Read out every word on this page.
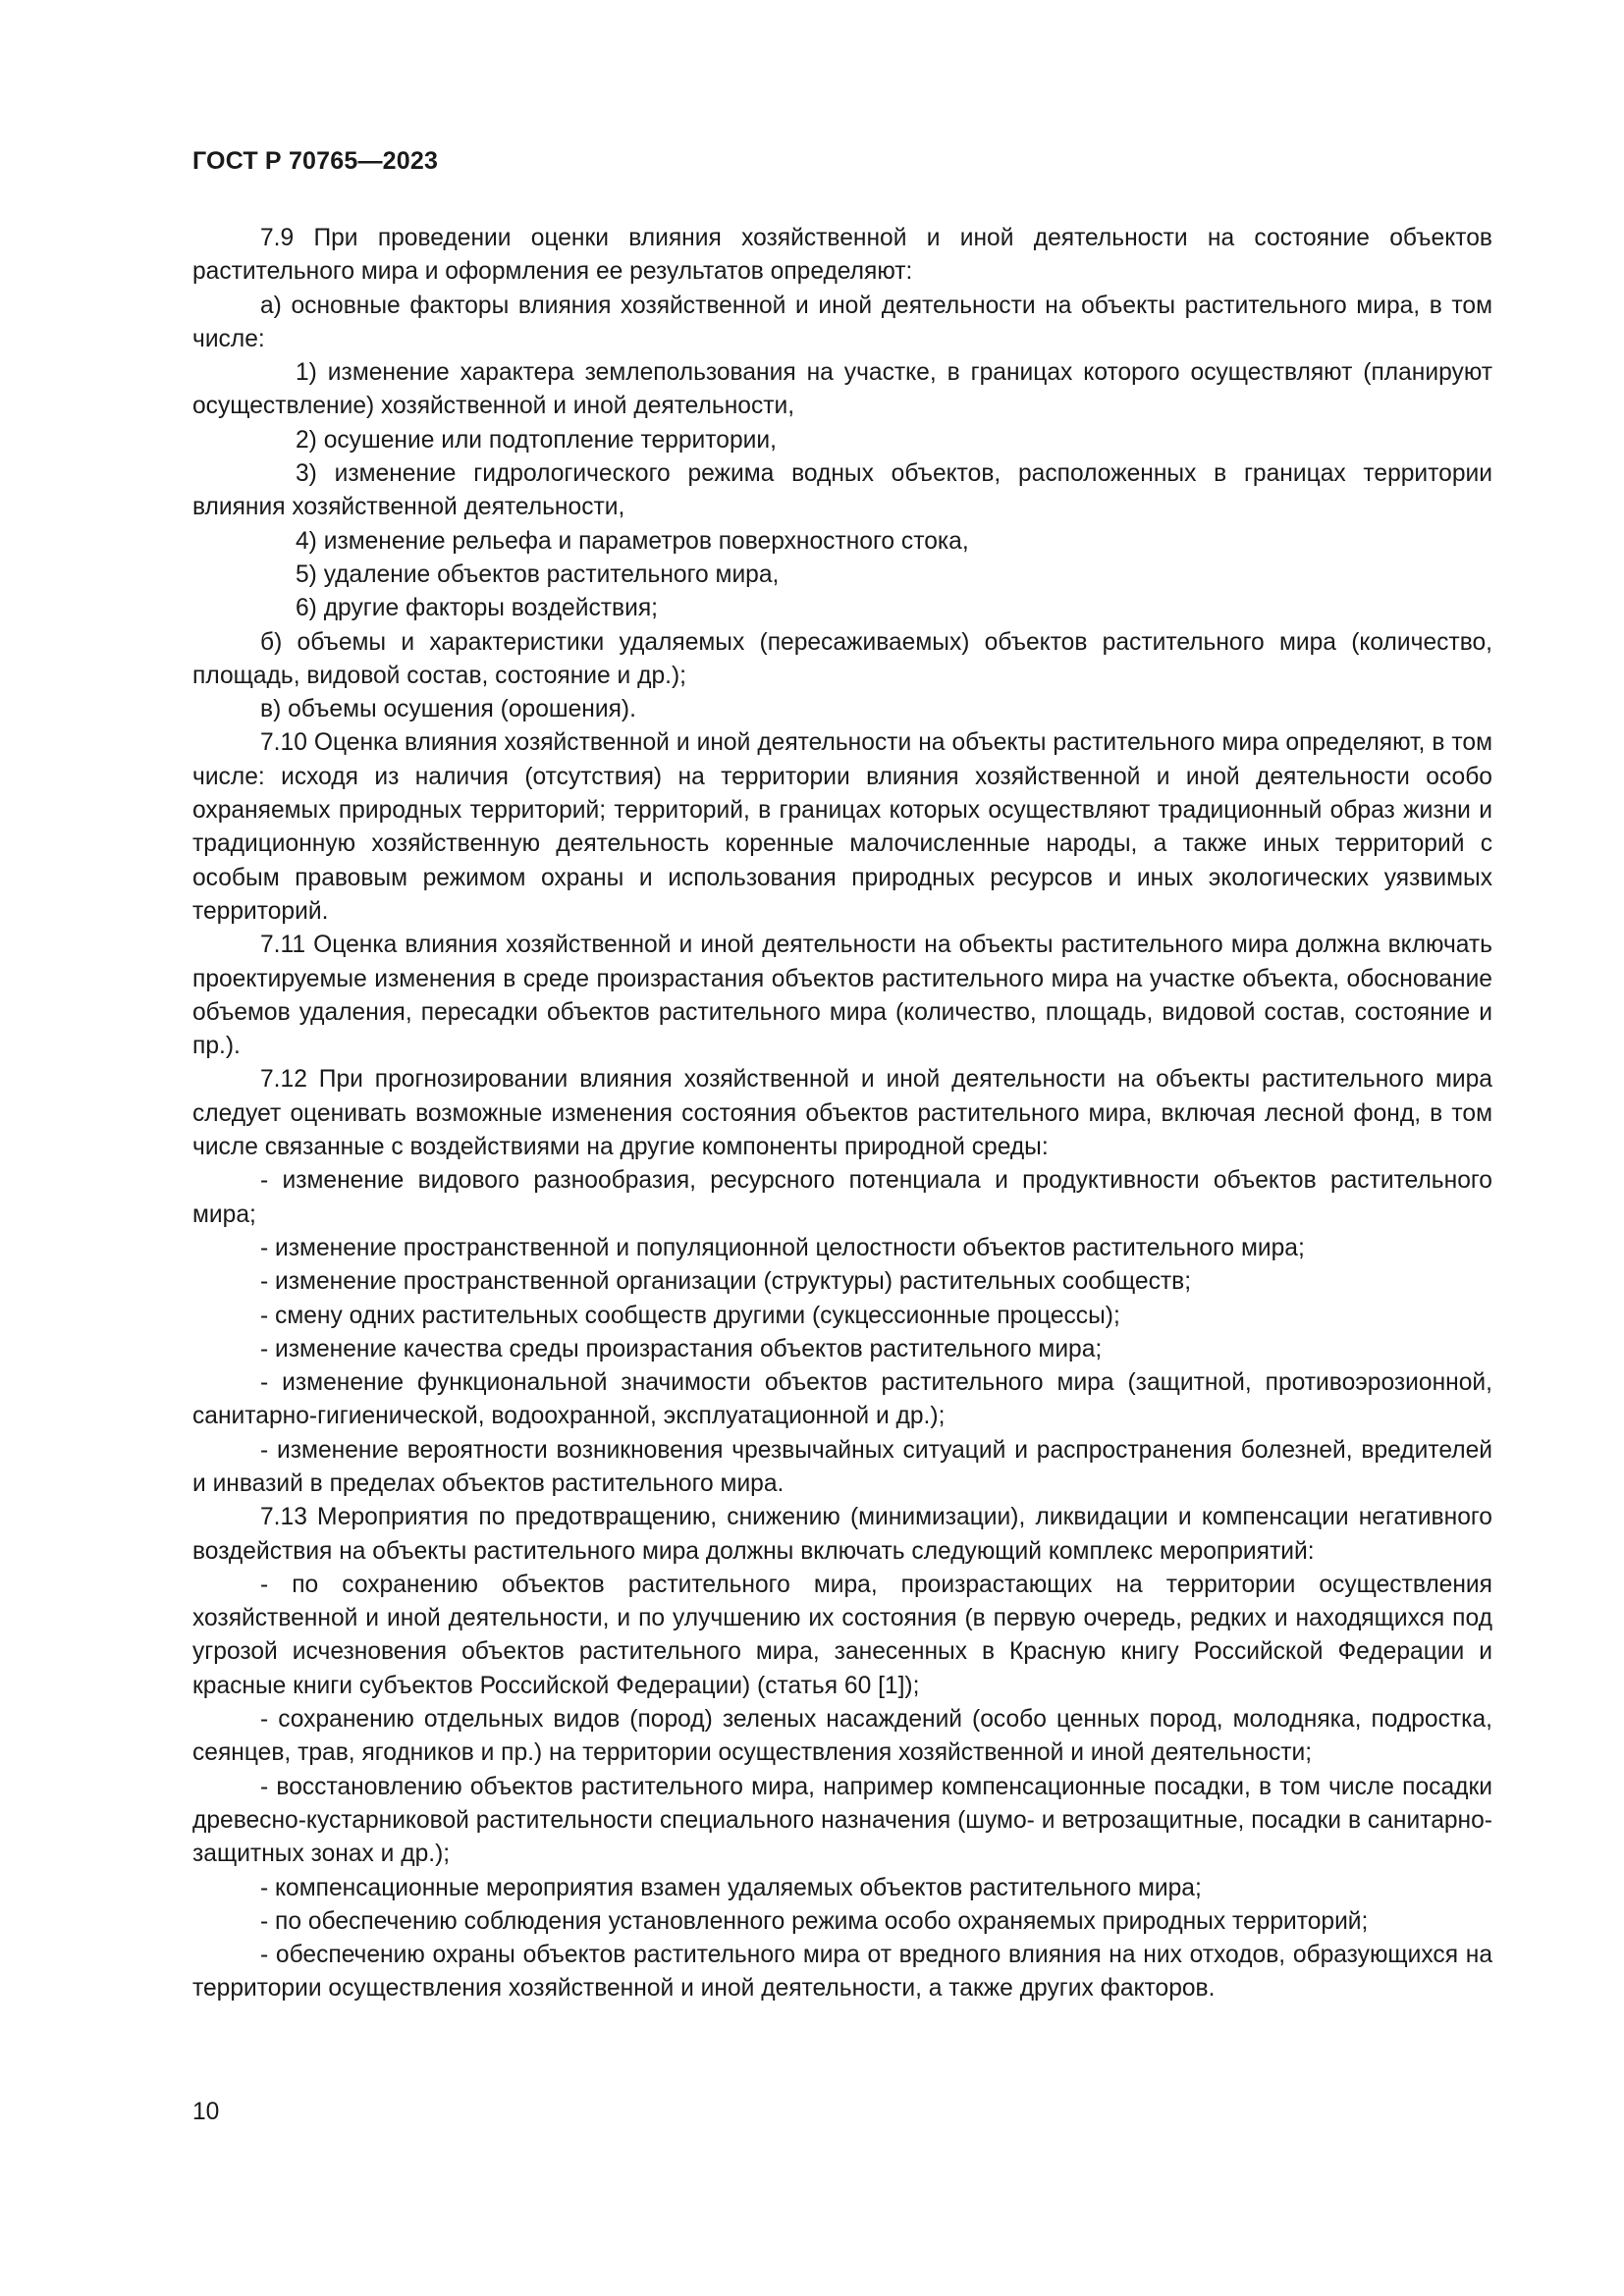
ГОСТ Р 70765—2023

7.9 При проведении оценки влияния хозяйственной и иной деятельности на состояние объектов растительного мира и оформления ее результатов определяют:

а) основные факторы влияния хозяйственной и иной деятельности на объекты растительного мира, в том числе:

1) изменение характера землепользования на участке, в границах которого осуществляют (планируют осуществление) хозяйственной и иной деятельности,

2) осушение или подтопление территории,

3) изменение гидрологического режима водных объектов, расположенных в границах территории влияния хозяйственной деятельности,

4) изменение рельефа и параметров поверхностного стока,

5) удаление объектов растительного мира,

6) другие факторы воздействия;

б) объемы и характеристики удаляемых (пересаживаемых) объектов растительного мира (количество, площадь, видовой состав, состояние и др.);

в) объемы осушения (орошения).

7.10 Оценка влияния хозяйственной и иной деятельности на объекты растительного мира определяют, в том числе: исходя из наличия (отсутствия) на территории влияния хозяйственной и иной деятельности особо охраняемых природных территорий; территорий, в границах которых осуществляют традиционный образ жизни и традиционную хозяйственную деятельность коренные малочисленные народы, а также иных территорий с особым правовым режимом охраны и использования природных ресурсов и иных экологических уязвимых территорий.

7.11 Оценка влияния хозяйственной и иной деятельности на объекты растительного мира должна включать проектируемые изменения в среде произрастания объектов растительного мира на участке объекта, обоснование объемов удаления, пересадки объектов растительного мира (количество, площадь, видовой состав, состояние и пр.).

7.12 При прогнозировании влияния хозяйственной и иной деятельности на объекты растительного мира следует оценивать возможные изменения состояния объектов растительного мира, включая лесной фонд, в том числе связанные с воздействиями на другие компоненты природной среды:

- изменение видового разнообразия, ресурсного потенциала и продуктивности объектов растительного мира;

- изменение пространственной и популяционной целостности объектов растительного мира;

- изменение пространственной организации (структуры) растительных сообществ;

- смену одних растительных сообществ другими (сукцессионные процессы);

- изменение качества среды произрастания объектов растительного мира;

- изменение функциональной значимости объектов растительного мира (защитной, противоэрозионной, санитарно-гигиенической, водоохранной, эксплуатационной и др.);

- изменение вероятности возникновения чрезвычайных ситуаций и распространения болезней, вредителей и инвазий в пределах объектов растительного мира.

7.13 Мероприятия по предотвращению, снижению (минимизации), ликвидации и компенсации негативного воздействия на объекты растительного мира должны включать следующий комплекс мероприятий:

- по сохранению объектов растительного мира, произрастающих на территории осуществления хозяйственной и иной деятельности, и по улучшению их состояния (в первую очередь, редких и находящихся под угрозой исчезновения объектов растительного мира, занесенных в Красную книгу Российской Федерации и красные книги субъектов Российской Федерации) (статья 60 [1]);

- сохранению отдельных видов (пород) зеленых насаждений (особо ценных пород, молодняка, подростка, сеянцев, трав, ягодников и пр.) на территории осуществления хозяйственной и иной деятельности;

- восстановлению объектов растительного мира, например компенсационные посадки, в том числе посадки древесно-кустарниковой растительности специального назначения (шумо- и ветрозащитные, посадки в санитарно-защитных зонах и др.);

- компенсационные мероприятия взамен удаляемых объектов растительного мира;

- по обеспечению соблюдения установленного режима особо охраняемых природных территорий;

- обеспечению охраны объектов растительного мира от вредного влияния на них отходов, образующихся на территории осуществления хозяйственной и иной деятельности, а также других факторов.

10
